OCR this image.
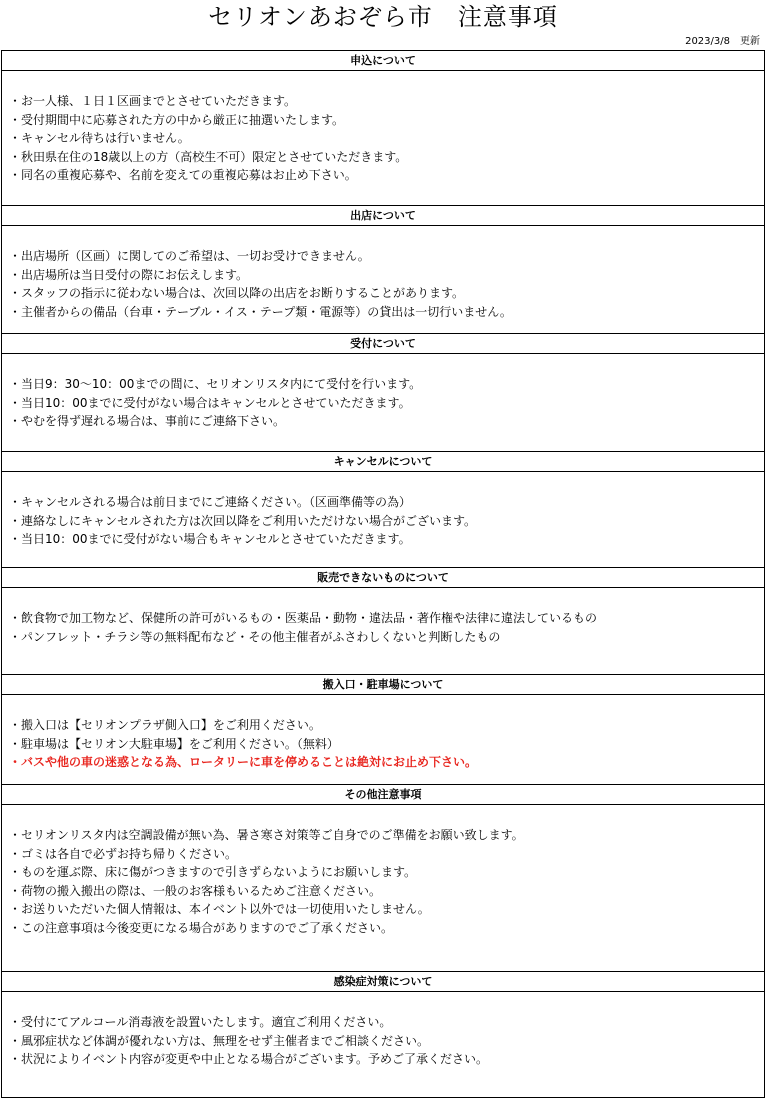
セリオンあおぞら市　注意事項
2023/3/8　更新
申込について
・お一人様、１日１区画までとさせていただきます。
・受付期間中に応募された方の中から厳正に抽選いたします。
・キャンセル待ちは行いません。
・秋田県在住の18歳以上の方（高校生不可）限定とさせていただきます。
・同名の重複応募や、名前を変えての重複応募はお止め下さい。
出店について
・出店場所（区画）に関してのご希望は、一切お受けできません。
・出店場所は当日受付の際にお伝えします。
・スタッフの指示に従わない場合は、次回以降の出店をお断りすることがあります。
・主催者からの備品（台車・テーブル・イス・テープ類・電源等）の貸出は一切行いません。
受付について
・当日9：30～10：00までの間に、セリオンリスタ内にて受付を行います。
・当日10：00までに受付がない場合はキャンセルとさせていただきます。
・やむを得ず遅れる場合は、事前にご連絡下さい。
キャンセルについて
・キャンセルされる場合は前日までにご連絡ください。（区画準備等の為）
・連絡なしにキャンセルされた方は次回以降をご利用いただけない場合がございます。
・当日10：00までに受付がない場合もキャンセルとさせていただきます。
販売できないものについて
・飲食物で加工物など、保健所の許可がいるもの・医薬品・動物・違法品・著作権や法律に違法しているもの
・パンフレット・チラシ等の無料配布など・その他主催者がふさわしくないと判断したもの
搬入口・駐車場について
・搬入口は【セリオンプラザ側入口】をご利用ください。
・駐車場は【セリオン大駐車場】をご利用ください。（無料）
・バスや他の車の迷惑となる為、ロータリーに車を停めることは絶対にお止め下さい。
その他注意事項
・セリオンリスタ内は空調設備が無い為、暑さ寒さ対策等ご自身でのご準備をお願い致します。
・ゴミは各自で必ずお持ち帰りください。
・ものを運ぶ際、床に傷がつきますので引きずらないようにお願いします。
・荷物の搬入搬出の際は、一般のお客様もいるためご注意ください。
・お送りいただいた個人情報は、本イベント以外では一切使用いたしません。
・この注意事項は今後変更になる場合がありますのでご了承ください。
感染症対策について
・受付にてアルコール消毒液を設置いたします。適宜ご利用ください。
・風邪症状など体調が優れない方は、無理をせず主催者までご相談ください。
・状況によりイベント内容が変更や中止となる場合がございます。予めご了承ください。
